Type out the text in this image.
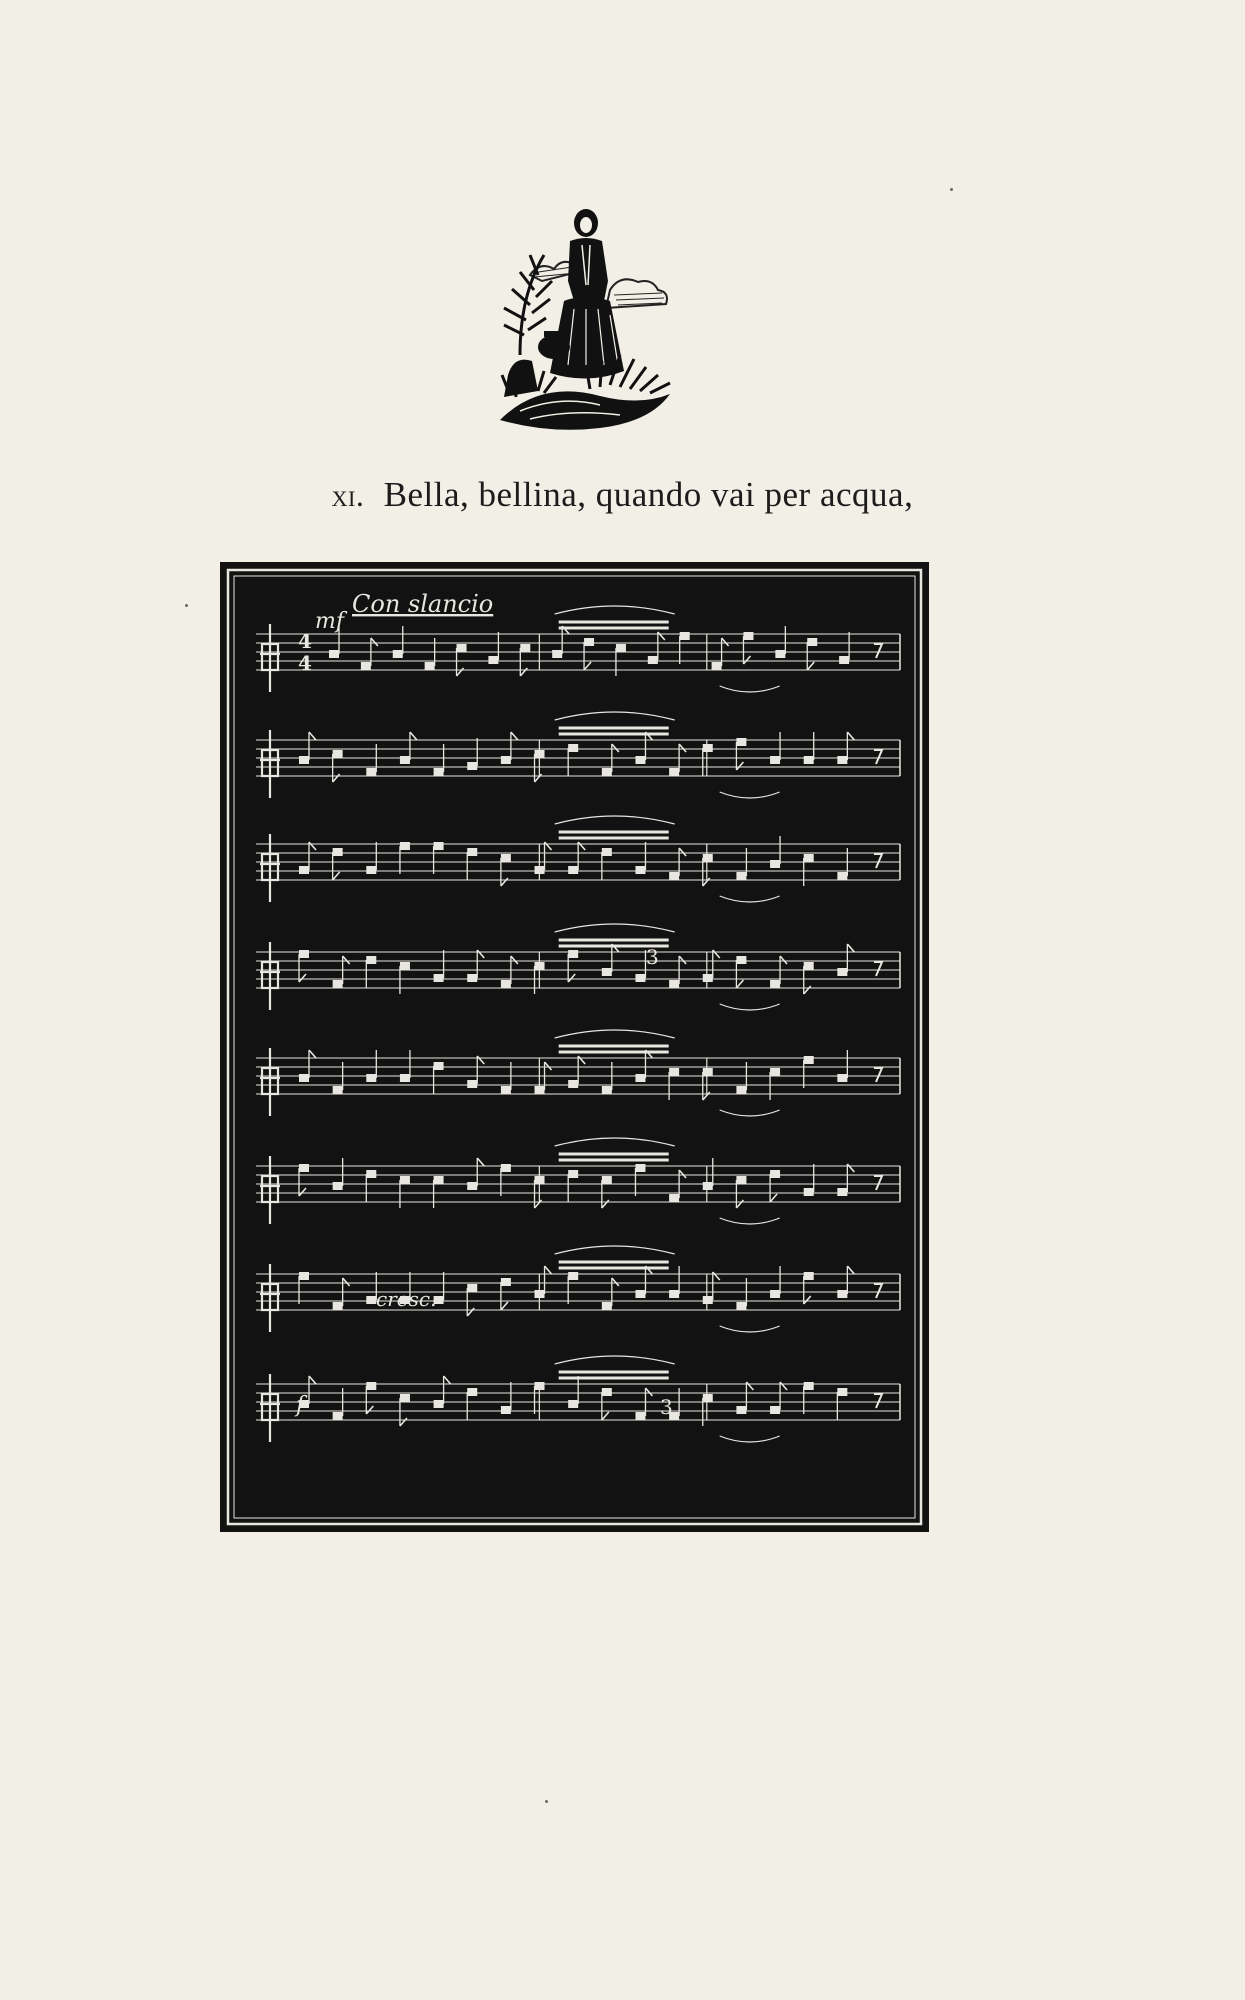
xi. Bella, bellina, quando vai per acqua,
mf
Con slancio
4
4
3
cresc.
f	3
